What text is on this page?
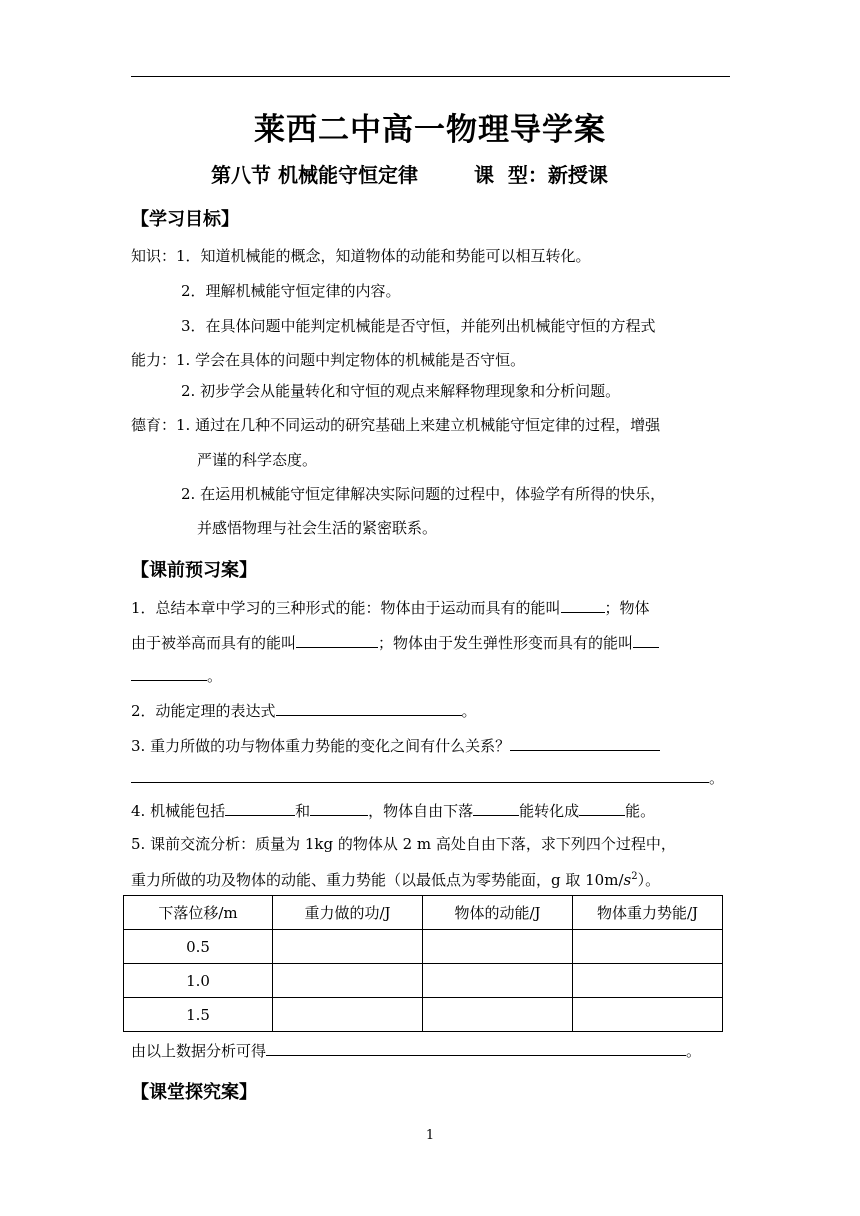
莱西二中高一物理导学案
第八节 机械能守恒定律	课  型：新授课
【学习目标】
知识：1．知道机械能的概念，知道物体的动能和势能可以相互转化。
2．理解机械能守恒定律的内容。
3．在具体问题中能判定机械能是否守恒，并能列出机械能守恒的方程式
能力：1. 学会在具体的问题中判定物体的机械能是否守恒。
2. 初步学会从能量转化和守恒的观点来解释物理现象和分析问题。
德育：1. 通过在几种不同运动的研究基础上来建立机械能守恒定律的过程，增强
严谨的科学态度。
2. 在运用机械能守恒定律解决实际问题的过程中，体验学有所得的快乐，
并感悟物理与社会生活的紧密联系。
【课前预习案】
1．总结本章中学习的三种形式的能：物体由于运动而具有的能叫	；物体
由于被举高而具有的能叫	；物体由于发生弹性形变而具有的能叫
。
2．动能定理的表达式	。
3. 重力所做的功与物体重力势能的变化之间有什么关系？
。
4. 机械能包括	和	，物体自由下落	能转化成	能。
5. 课前交流分析：质量为 1kg 的物体从 2 m 高处自由下落，求下列四个过程中，
重力所做的功及物体的动能、重力势能（以最低点为零势能面，g 取 $10m/s^2$）。
下落位移/m	重力做的功/J	物体的动能/J	物体重力势能/J
0.5			
1.0			
1.5			
由以上数据分析可得	。
【课堂探究案】
1
